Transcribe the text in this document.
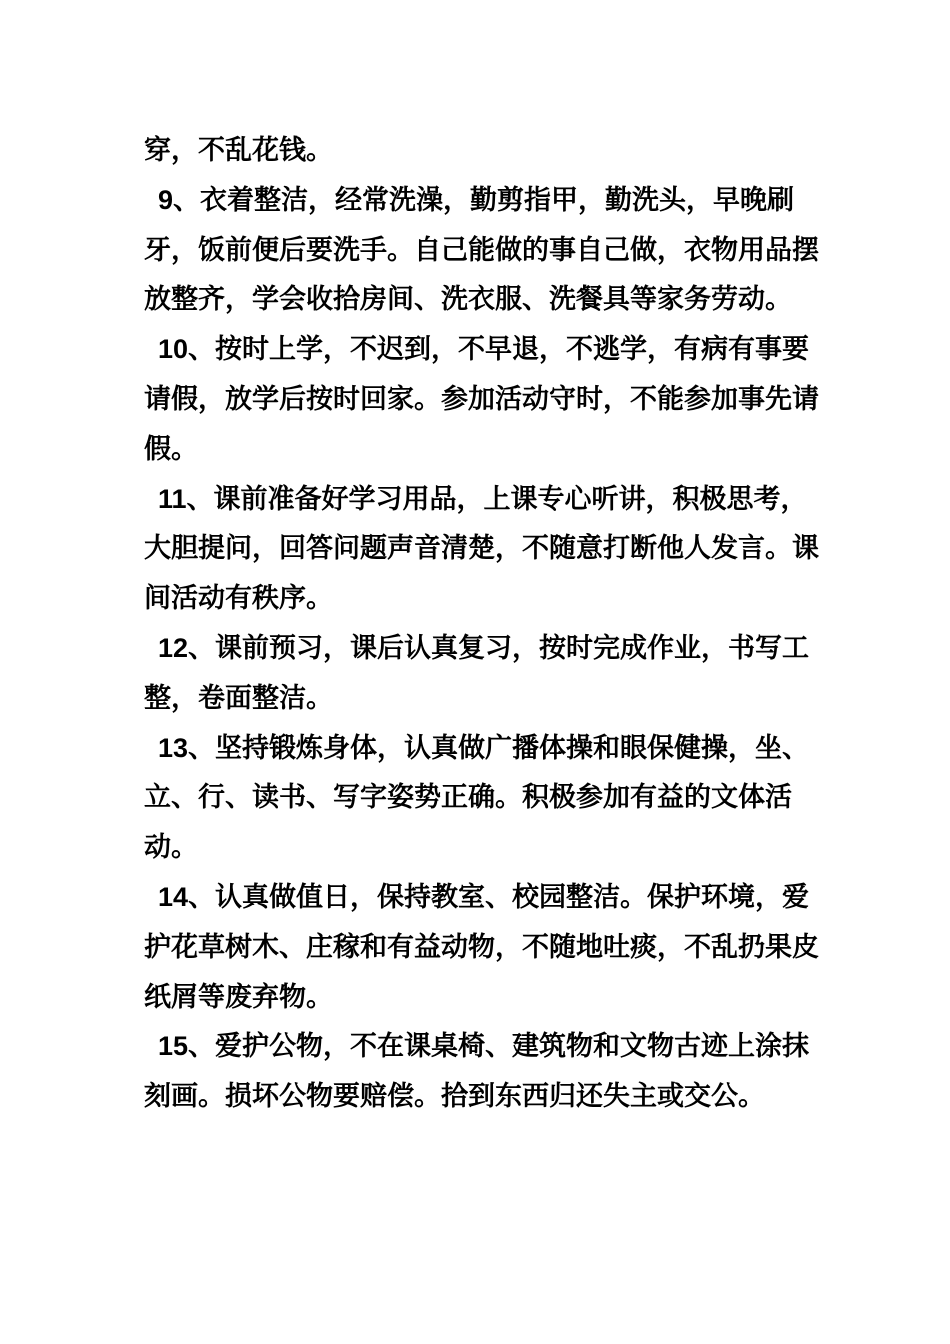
穿，不乱花钱。

9、衣着整洁，经常洗澡，勤剪指甲，勤洗头，早晚刷牙，饭前便后要洗手。自己能做的事自己做，衣物用品摆放整齐，学会收拾房间、洗衣服、洗餐具等家务劳动。

10、按时上学，不迟到，不早退，不逃学，有病有事要请假，放学后按时回家。参加活动守时，不能参加事先请假。

11、课前准备好学习用品，上课专心听讲，积极思考，大胆提问，回答问题声音清楚，不随意打断他人发言。课间活动有秩序。

12、课前预习，课后认真复习，按时完成作业，书写工整，卷面整洁。

13、坚持锻炼身体，认真做广播体操和眼保健操，坐、立、行、读书、写字姿势正确。积极参加有益的文体活动。

14、认真做值日，保持教室、校园整洁。保护环境，爱护花草树木、庄稼和有益动物，不随地吐痰，不乱扔果皮纸屑等废弃物。

15、爱护公物，不在课桌椅、建筑物和文物古迹上涂抹刻画。损坏公物要赔偿。拾到东西归还失主或交公。
